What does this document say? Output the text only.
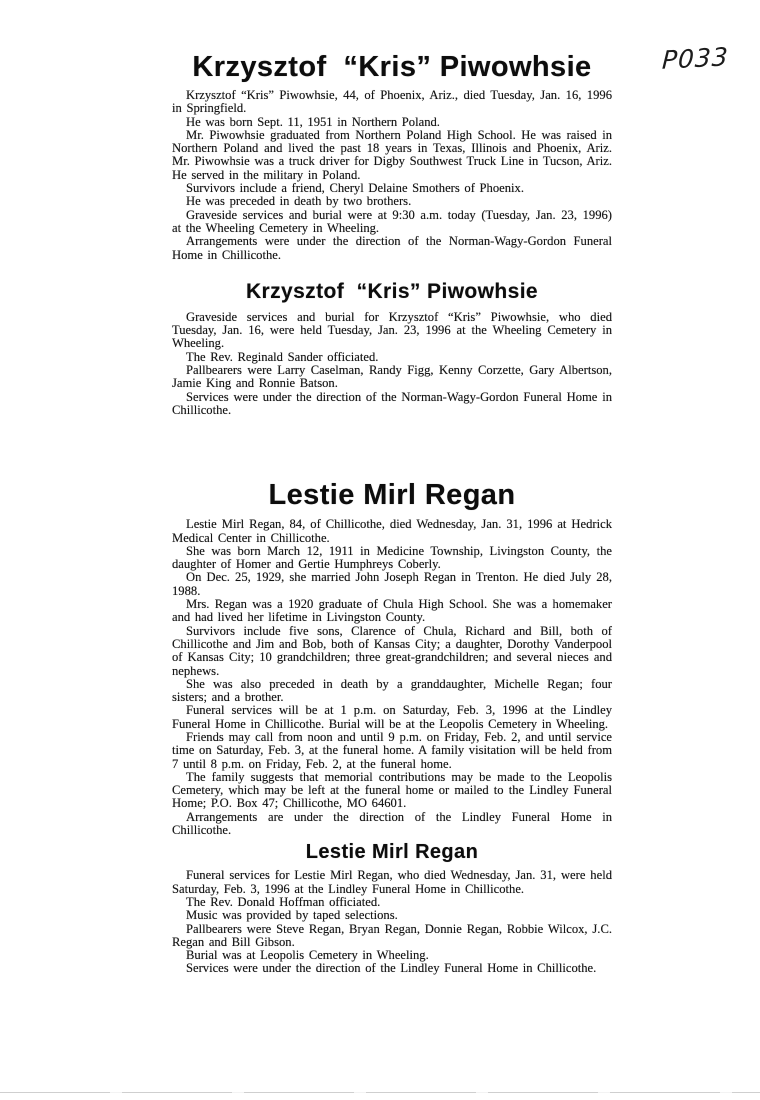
P033
Krzysztof  “Kris” Piwowhsie

Krzysztof “Kris” Piwowhsie, 44, of Phoenix, Ariz., died Tuesday, Jan. 16, 1996 in Springfield.

He was born Sept. 11, 1951 in Northern Poland.

Mr. Piwowhsie graduated from Northern Poland High School. He was raised in Northern Poland and lived the past 18 years in Texas, Illinois and Phoenix, Ariz. Mr. Piwowhsie was a truck driver for Digby Southwest Truck Line in Tucson, Ariz. He served in the military in Poland.

Survivors include a friend, Cheryl Delaine Smothers of Phoenix.

He was preceded in death by two brothers.

Graveside services and burial were at 9:30 a.m. today (Tuesday, Jan. 23, 1996) at the Wheeling Cemetery in Wheeling.

Arrangements were under the direction of the Norman-Wagy-Gordon Funeral Home in Chillicothe.

Krzysztof  “Kris” Piwowhsie

Graveside services and burial for Krzysztof “Kris” Piwowhsie, who died Tuesday, Jan. 16, were held Tuesday, Jan. 23, 1996 at the Wheeling Cemetery in Wheeling.

The Rev. Reginald Sander officiated.

Pallbearers were Larry Caselman, Randy Figg, Kenny Corzette, Gary Albertson, Jamie King and Ronnie Batson.

Services were under the direction of the Norman-Wagy-Gordon Funeral Home in Chillicothe.

Lestie Mirl Regan

Lestie Mirl Regan, 84, of Chillicothe, died Wednesday, Jan. 31, 1996 at Hedrick Medical Center in Chillicothe.

She was born March 12, 1911 in Medicine Township, Livingston County, the daughter of Homer and Gertie Humphreys Coberly.

On Dec. 25, 1929, she married John Joseph Regan in Trenton. He died July 28, 1988.

Mrs. Regan was a 1920 graduate of Chula High School. She was a homemaker and had lived her lifetime in Livingston County.

Survivors include five sons, Clarence of Chula, Richard and Bill, both of Chillicothe and Jim and Bob, both of Kansas City; a daughter, Dorothy Vanderpool of Kansas City; 10 grandchildren; three great-grandchildren; and several nieces and nephews.

She was also preceded in death by a granddaughter, Michelle Regan; four sisters; and a brother.

Funeral services will be at 1 p.m. on Saturday, Feb. 3, 1996 at the Lindley Funeral Home in Chillicothe. Burial will be at the Leopolis Cemetery in Wheeling.

Friends may call from noon and until 9 p.m. on Friday, Feb. 2, and until service time on Saturday, Feb. 3, at the funeral home. A family visitation will be held from 7 until 8 p.m. on Friday, Feb. 2, at the funeral home.

The family suggests that memorial contributions may be made to the Leopolis Cemetery, which may be left at the funeral home or mailed to the Lindley Funeral Home; P.O. Box 47; Chillicothe, MO 64601.

Arrangements are under the direction of the Lindley Funeral Home in Chillicothe.

Lestie Mirl Regan

Funeral services for Lestie Mirl Regan, who died Wednesday, Jan. 31, were held Saturday, Feb. 3, 1996 at the Lindley Funeral Home in Chillicothe.

The Rev. Donald Hoffman officiated.

Music was provided by taped selections.

Pallbearers were Steve Regan, Bryan Regan, Donnie Regan, Robbie Wilcox, J.C. Regan and Bill Gibson.

Burial was at Leopolis Cemetery in Wheeling.

Services were under the direction of the Lindley Funeral Home in Chillicothe.
